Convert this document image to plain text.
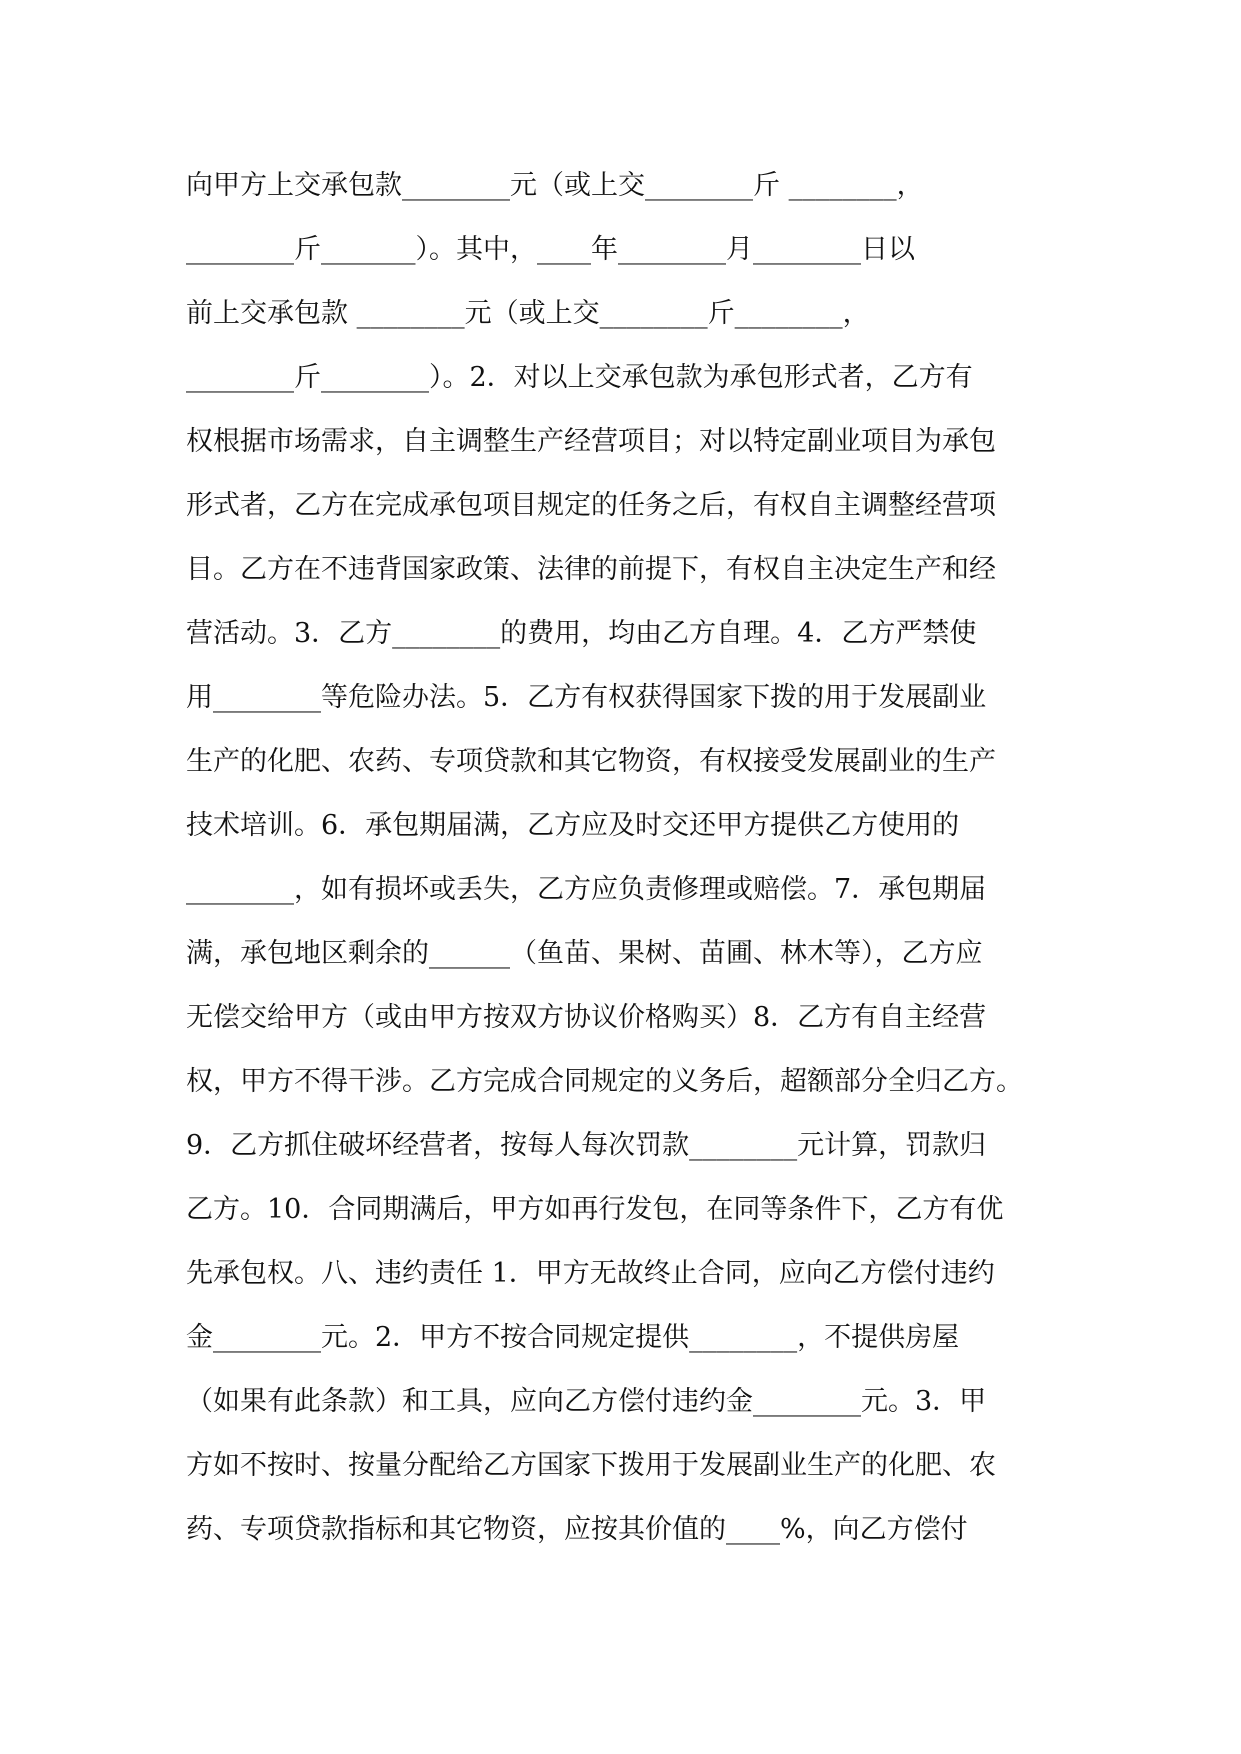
向甲方上交承包款________元（或上交________斤 ________，
________斤_______）。其中，____年________月________日以
前上交承包款 ________元（或上交________斤________，
________斤________）。2．对以上交承包款为承包形式者，乙方有
权根据市场需求，自主调整生产经营项目；对以特定副业项目为承包
形式者，乙方在完成承包项目规定的任务之后，有权自主调整经营项
目。乙方在不违背国家政策、法律的前提下，有权自主决定生产和经
营活动。3．乙方________的费用，均由乙方自理。4．乙方严禁使
用________等危险办法。5．乙方有权获得国家下拨的用于发展副业
生产的化肥、农药、专项贷款和其它物资，有权接受发展副业的生产
技术培训。6．承包期届满，乙方应及时交还甲方提供乙方使用的
________，如有损坏或丢失，乙方应负责修理或赔偿。7．承包期届
满，承包地区剩余的______（鱼苗、果树、苗圃、林木等），乙方应
无偿交给甲方（或由甲方按双方协议价格购买）8．乙方有自主经营
权，甲方不得干涉。乙方完成合同规定的义务后，超额部分全归乙方。
9．乙方抓住破坏经营者，按每人每次罚款________元计算，罚款归
乙方。10．合同期满后，甲方如再行发包，在同等条件下，乙方有优
先承包权。八、违约责任 1．甲方无故终止合同，应向乙方偿付违约
金________元。2．甲方不按合同规定提供________，不提供房屋
（如果有此条款）和工具，应向乙方偿付违约金________元。3．甲
方如不按时、按量分配给乙方国家下拨用于发展副业生产的化肥、农
药、专项贷款指标和其它物资，应按其价值的____%，向乙方偿付
